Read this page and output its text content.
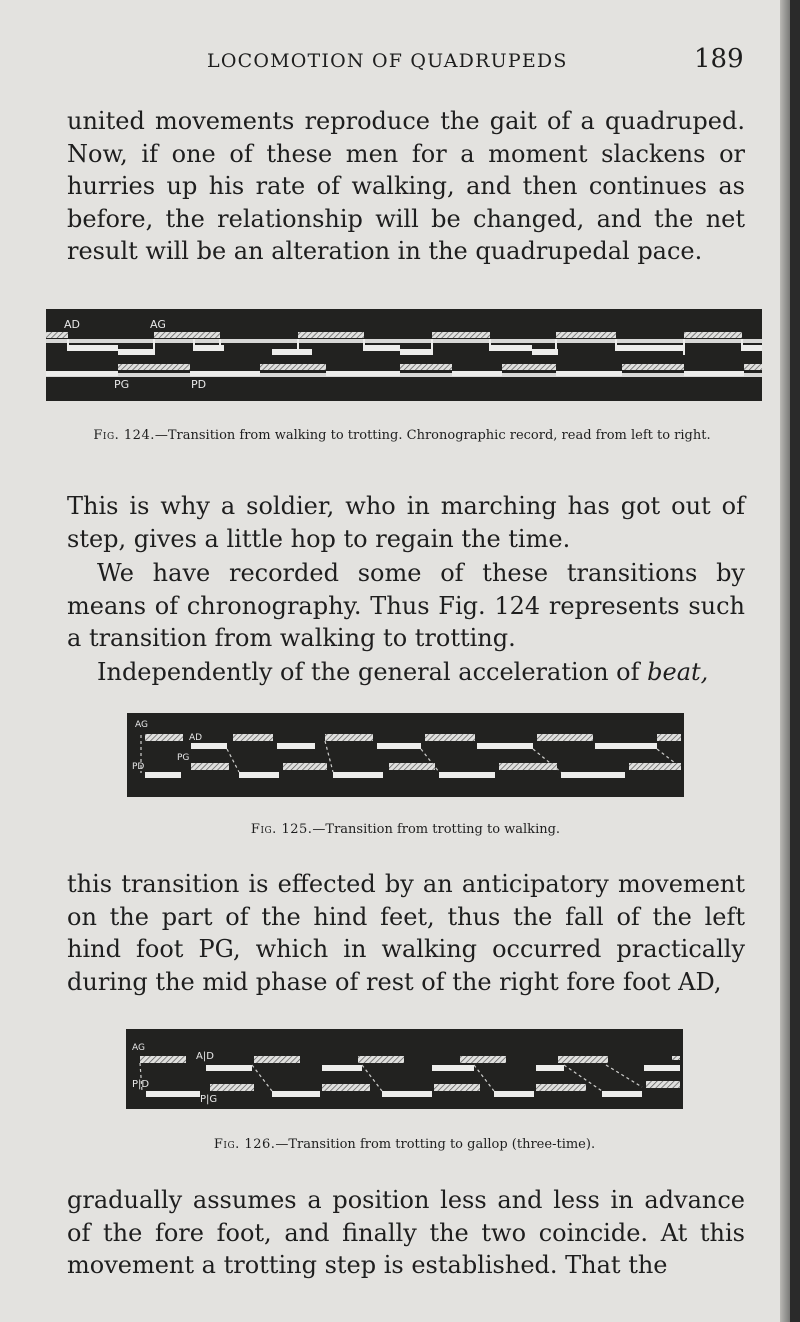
LOCOMOTION OF QUADRUPEDS	189

united movements reproduce the gait of a quadruped. Now, if one of these men for a moment slackens or hurries up his rate of walking, and then continues as before, the relationship will be changed, and the net result will be an alteration in the quadrupedal pace.

AD	AG
PG	PD

Fig. 124.—Transition from walking to trotting. Chronographic record, read from left to right.

This is why a soldier, who in marching has got out of step, gives a little hop to regain the time.

We have recorded some of these transitions by means of chronography. Thus Fig. 124 represents such a transition from walking to trotting.

Independently of the general acceleration of beat,

AG
AD
PG
PD

Fig. 125.—Transition from trotting to walking.

this transition is effected by an anticipatory movement on the part of the hind feet, thus the fall of the left hind foot PG, which in walking occurred practically during the mid phase of rest of the right fore foot AD,

AG
A|D
P|D
P|G

Fig. 126.—Transition from trotting to gallop (three-time).

gradually assumes a position less and less in advance of the fore foot, and finally the two coincide. At this movement a trotting step is established. That the
